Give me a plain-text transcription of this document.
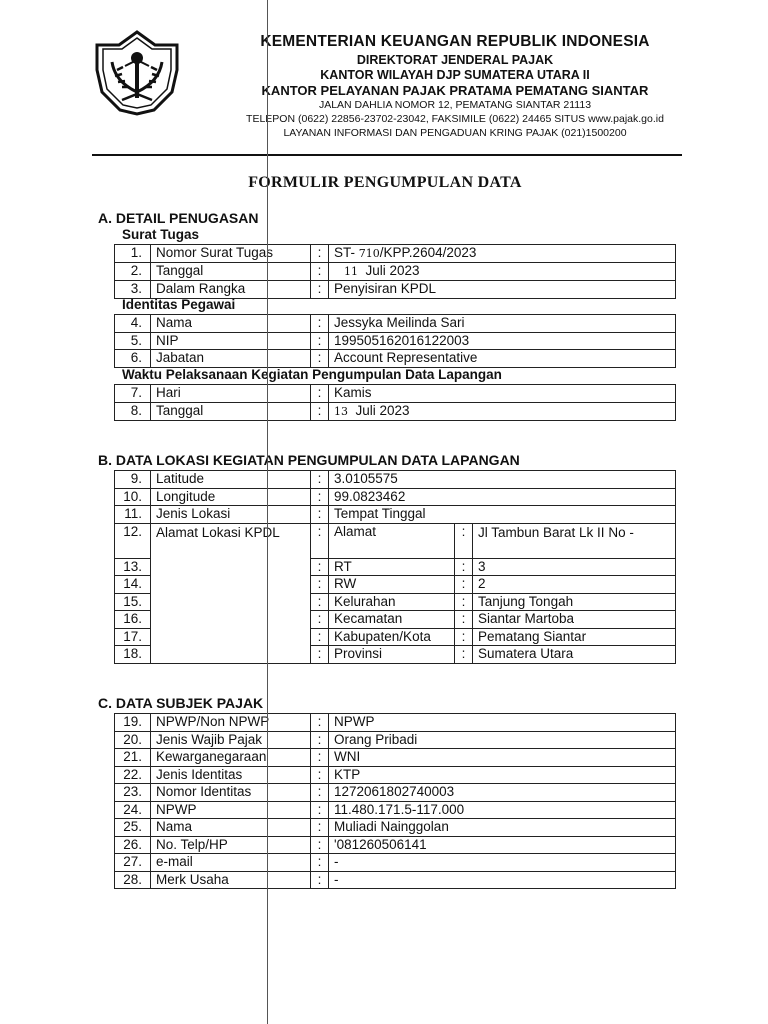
KEMENTERIAN KEUANGAN REPUBLIK INDONESIA
DIREKTORAT JENDERAL PAJAK
KANTOR WILAYAH DJP SUMATERA UTARA II
KANTOR PELAYANAN PAJAK PRATAMA PEMATANG SIANTAR
JALAN DAHLIA NOMOR 12, PEMATANG SIANTAR 21113
TELEPON (0622) 22856-23702-23042, FAKSIMILE (0622) 24465 SITUS www.pajak.go.id
LAYANAN INFORMASI DAN PENGADUAN KRING PAJAK (021)1500200
FORMULIR PENGUMPULAN DATA
A. DETAIL PENUGASAN
Surat Tugas
1.	Nomor Surat Tugas	:	ST- 710/KPP.2604/2023
2.	Tanggal	:	11 Juli 2023
3.	Dalam Rangka	:	Penyisiran KPDL
Identitas Pegawai
4.	Nama	:	Jessyka Meilinda Sari
5.	NIP	:	199505162016122003
6.	Jabatan	:	Account Representative
Waktu Pelaksanaan Kegiatan Pengumpulan Data Lapangan
7.	Hari	:	Kamis
8.	Tanggal	:	13 Juli 2023
B. DATA LOKASI KEGIATAN PENGUMPULAN DATA LAPANGAN
9.	Latitude	:	3.0105575		
10.	Longitude	:	99.0823462		
11.	Jenis Lokasi	:	Tempat Tinggal		
12.	Alamat Lokasi KPDL	:	Alamat	:	Jl Tambun Barat Lk II No -
13.		:	RT	:	3
14.		:	RW	:	2
15.		:	Kelurahan	:	Tanjung Tongah
16.		:	Kecamatan	:	Siantar Martoba
17.		:	Kabupaten/Kota	:	Pematang Siantar
18.		:	Provinsi	:	Sumatera Utara
C. DATA SUBJEK PAJAK
19.	NPWP/Non NPWP	:	NPWP
20.	Jenis Wajib Pajak	:	Orang Pribadi
21.	Kewarganegaraan	:	WNI
22.	Jenis Identitas	:	KTP
23.	Nomor Identitas	:	1272061802740003
24.	NPWP	:	11.480.171.5-117.000
25.	Nama	:	Muliadi Nainggolan
26.	No. Telp/HP	:	'081260506141
27.	e-mail	:	-
28.	Merk Usaha	:	-
